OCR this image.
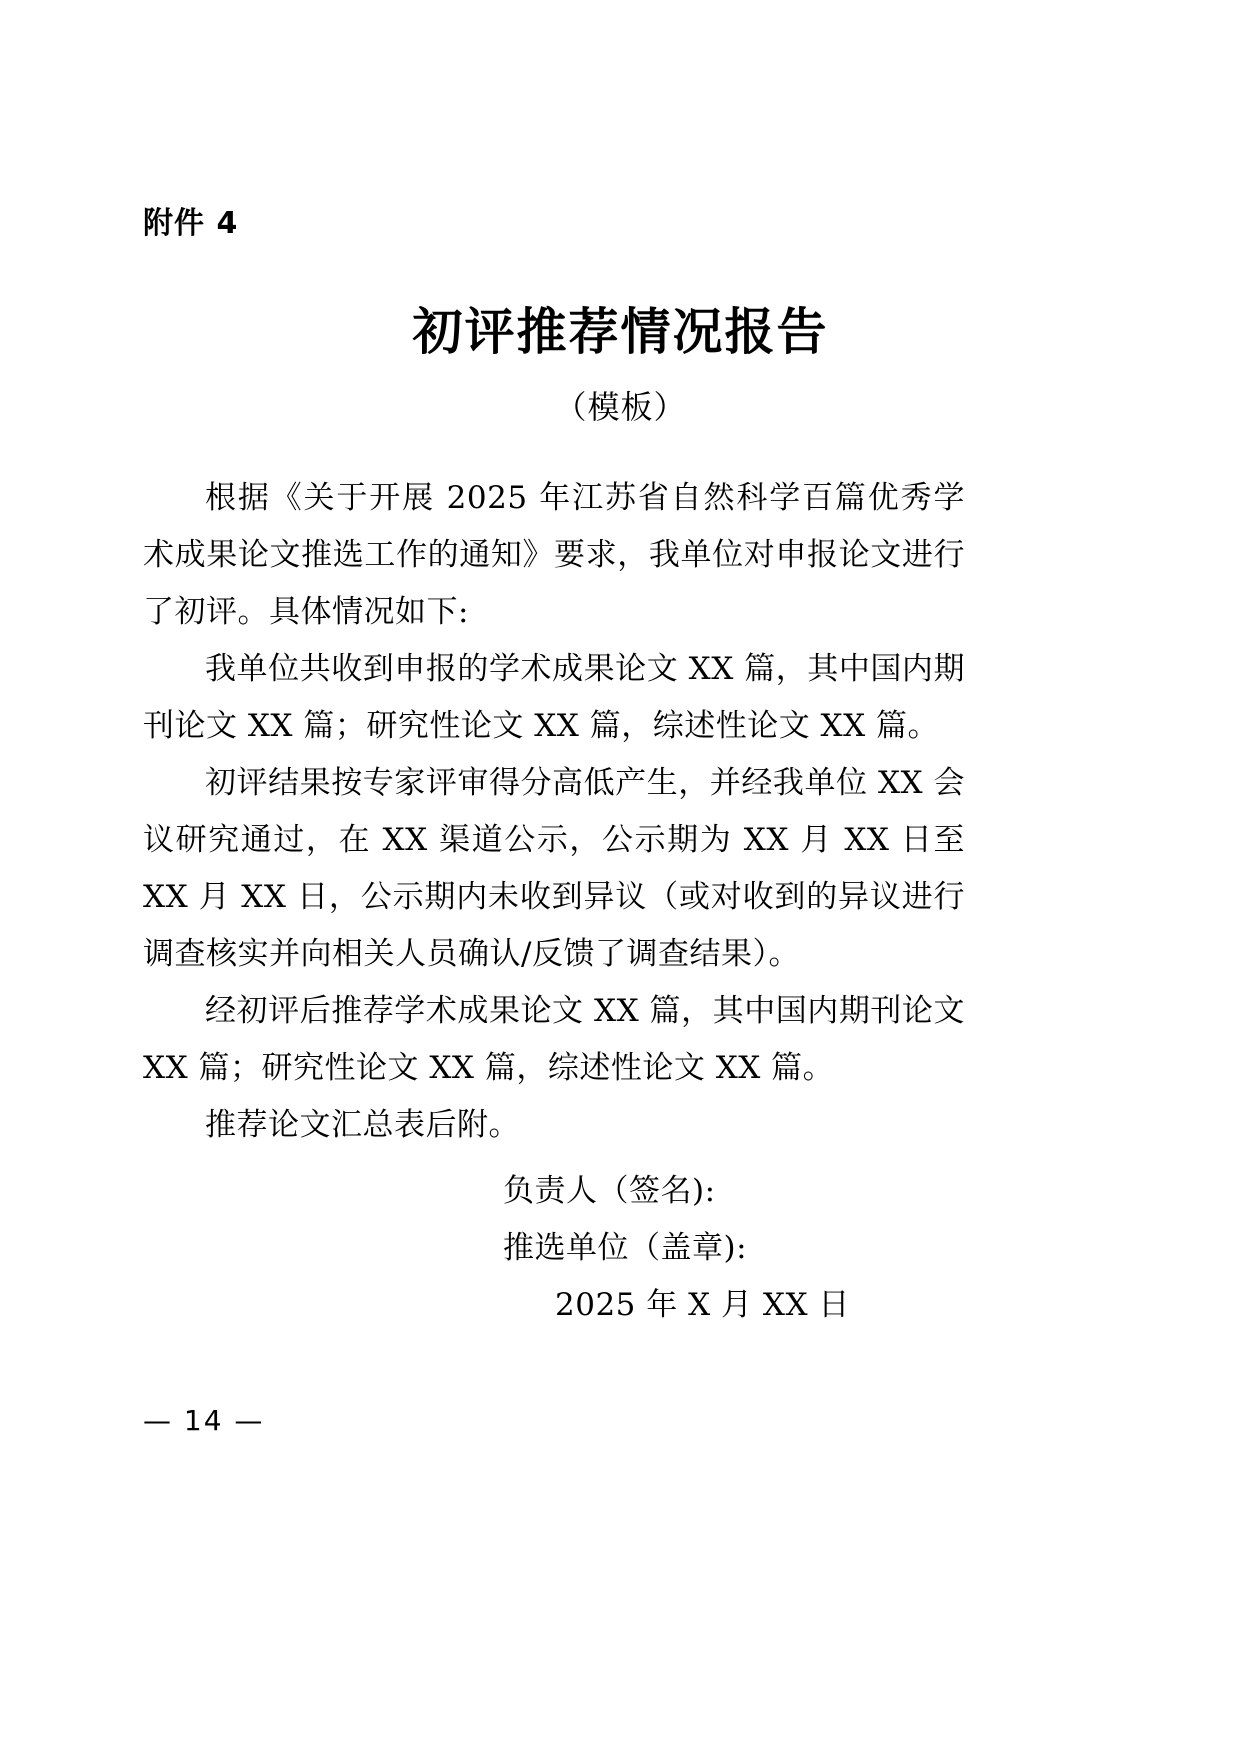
附件 4
初评推荐情况报告
（模板）

根据《关于开展 2025 年江苏省自然科学百篇优秀学术成果论文推选工作的通知》要求，我单位对申报论文进行了初评。具体情况如下:

我单位共收到申报的学术成果论文 XX 篇，其中国内期刊论文 XX 篇；研究性论文 XX 篇，综述性论文 XX 篇。

初评结果按专家评审得分高低产生，并经我单位 XX 会议研究通过，在 XX 渠道公示，公示期为 XX 月 XX 日至 XX 月 XX 日，公示期内未收到异议（或对收到的异议进行调查核实并向相关人员确认/反馈了调查结果）。

经初评后推荐学术成果论文 XX 篇，其中国内期刊论文 XX 篇；研究性论文 XX 篇，综述性论文 XX 篇。

推荐论文汇总表后附。

负责人（签名):
推选单位（盖章):
2025 年 X 月 XX 日
— 14 —
